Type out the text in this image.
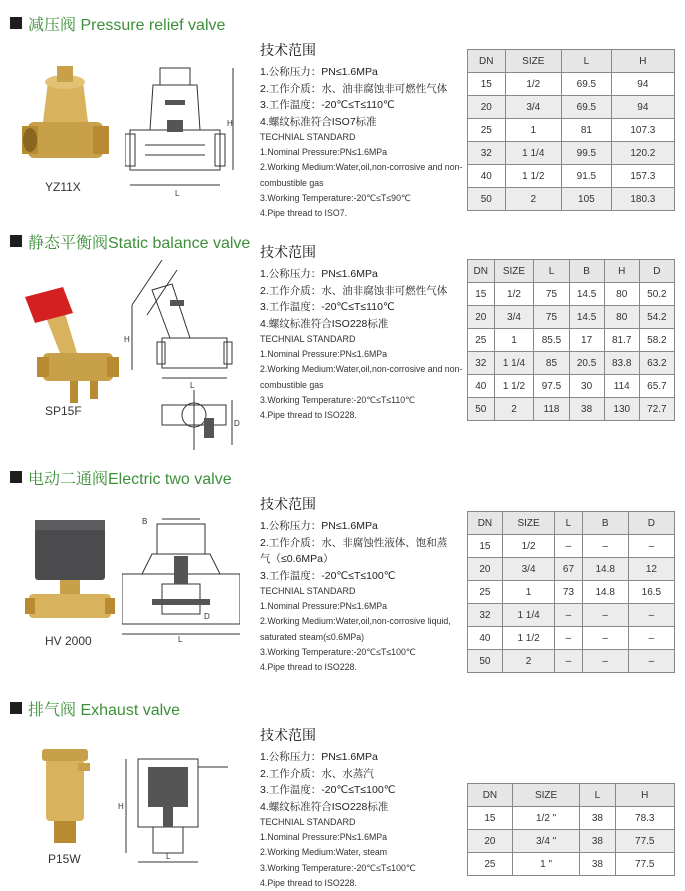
减压阀 Pressure relief valve
YZ11X	L
H
技术范围
1.公称压力：PN≤1.6MPa
2.工作介质：水、油非腐蚀非可燃性气体
3.工作温度：-20℃≤T≤110℃
4.螺纹标准符合ISO7标准
TECHNIAL STANDARD
1.Nominal Pressure:PN≤1.6MPa
2.Working Medium:Water,oil,non-corrosive and non-combustible gas
3.Working Temperature:-20℃≤T≤90℃
4.Pipe thread to ISO7.
DN	SIZE	L	H
15	1/2	69.5	94
20	3/4	69.5	94
25	1	81	107.3
32	1 1/4	99.5	120.2
40	1 1/2	91.5	157.3
50	2	105	180.3
静态平衡阀Static balance valve
SP15F
H
L
D
技术范围
1.公称压力：PN≤1.6MPa
2.工作介质：水、油非腐蚀非可燃性气体
3.工作温度：-20℃≤T≤110℃
4.螺纹标准符合ISO228标准
TECHNIAL STANDARD
1.Nominal Pressure:PN≤1.6MPa
2.Working Medium:Water,oil,non-corrosive and non-combustible gas
3.Working Temperature:-20℃≤T≤110℃
4.Pipe thread to ISO228.
DN	SIZE	L	B	H	D
15	1/2	75	14.5	80	50.2
20	3/4	75	14.5	80	54.2
25	1	85.5	17	81.7	58.2
32	1 1/4	85	20.5	83.8	63.2
40	1 1/2	97.5	30	114	65.7
50	2	118	38	130	72.7
电动二通阀Electric two valve
HV 2000	L
B
D
技术范围
1.公称压力：PN≤1.6MPa
2.工作介质：水、非腐蚀性液体、饱和蒸
气（≤0.6MPa）
3.工作温度：-20℃≤T≤100℃
TECHNIAL STANDARD
1.Nominal Pressure:PN≤1.6MPa
2.Working Medium:Water,oil,non-corrosive liquid, saturated steam(≤0.6MPa)
3.Working Temperature:-20℃≤T≤100℃
4.Pipe thread to ISO228.
DN	SIZE	L	B	D
15	1/2	–	–	–
20	3/4	67	14.8	12
25	1	73	14.8	16.5
32	1 1/4	–	–	–
40	1 1/2	–	–	–
50	2	–	–	–
排气阀 Exhaust valve
P15W
H
L
技术范围
1.公称压力：PN≤1.6MPa
2.工作介质：水、水蒸汽
3.工作温度：-20℃≤T≤100℃
4.螺纹标准符合ISO228标准
TECHNIAL STANDARD
1.Nominal Pressure:PN≤1.6MPa
2.Working Medium:Water, steam
3.Working Temperature:-20℃≤T≤100℃
4.Pipe thread to ISO228.
DN	SIZE	L	H
15	1/2 "	38	78.3
20	3/4 "	38	77.5
25	1 "	38	77.5
